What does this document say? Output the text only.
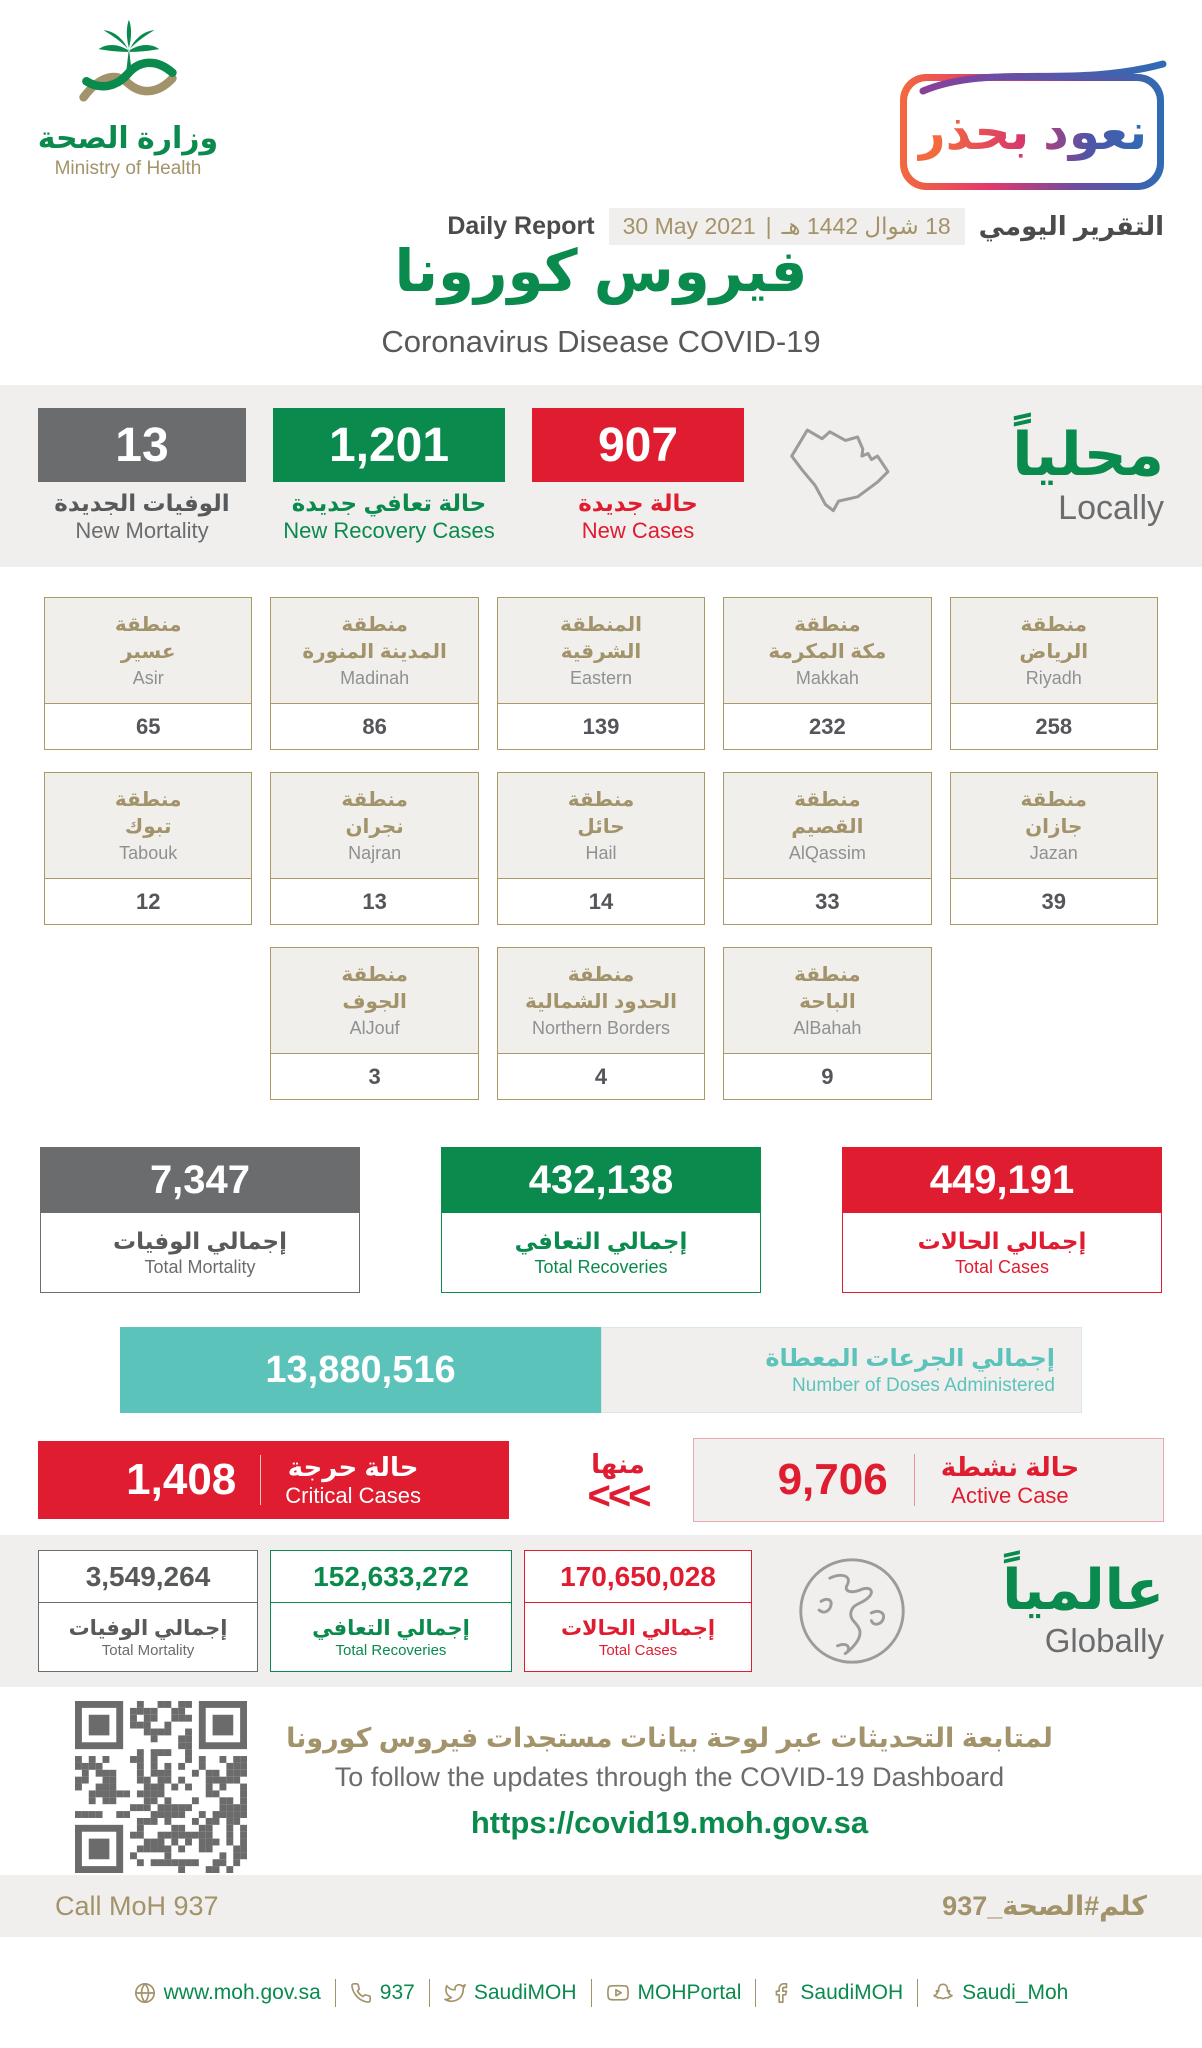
وزارة الصحة
Ministry of Health
نعود بحذر
Daily Report 30 May 2021 | 18 شوال 1442 هـ التقرير اليومي
فيروس كورونا
Coronavirus Disease COVID-19
13
الوفيات الجديدة
New Mortality
1,201
حالة تعافي جديدة
New Recovery Cases
907
حالة جديدة
New Cases
محلياً
Locally
منطقة
عسير
Asir
65
منطقة
المدينة المنورة
Madinah
86
المنطقة
الشرقية
Eastern
139
منطقة
مكة المكرمة
Makkah
232
منطقة
الرياض
Riyadh
258
منطقة
تبوك
Tabouk
12
منطقة
نجران
Najran
13
منطقة
حائل
Hail
14
منطقة
القصيم
AlQassim
33
منطقة
جازان
Jazan
39
منطقة
الجوف
AlJouf
3
منطقة
الحدود الشمالية
Northern Borders
4
منطقة
الباحة
AlBahah
9
7,347
إجمالي الوفيات
Total Mortality
432,138
إجمالي التعافي
Total Recoveries
449,191
إجمالي الحالات
Total Cases
13,880,516	إجمالي الجرعات المعطاة
Number of Doses Administered
1,408 حالة حرجة
Critical Cases
منها
<<<	9,706 حالة نشطة
Active Case
3,549,264
إجمالي الوفيات
Total Mortality
152,633,272
إجمالي التعافي
Total Recoveries
170,650,028
إجمالي الحالات
Total Cases
عالمياً
Globally
لمتابعة التحديثات عبر لوحة بيانات مستجدات فيروس كورونا
To follow the updates through the COVID-19 Dashboard
https://covid19.moh.gov.sa
Call MoH 937	كلم#الصحة_937
www.moh.gov.sa	937	SaudiMOH	MOHPortal	SaudiMOH	Saudi_Moh
